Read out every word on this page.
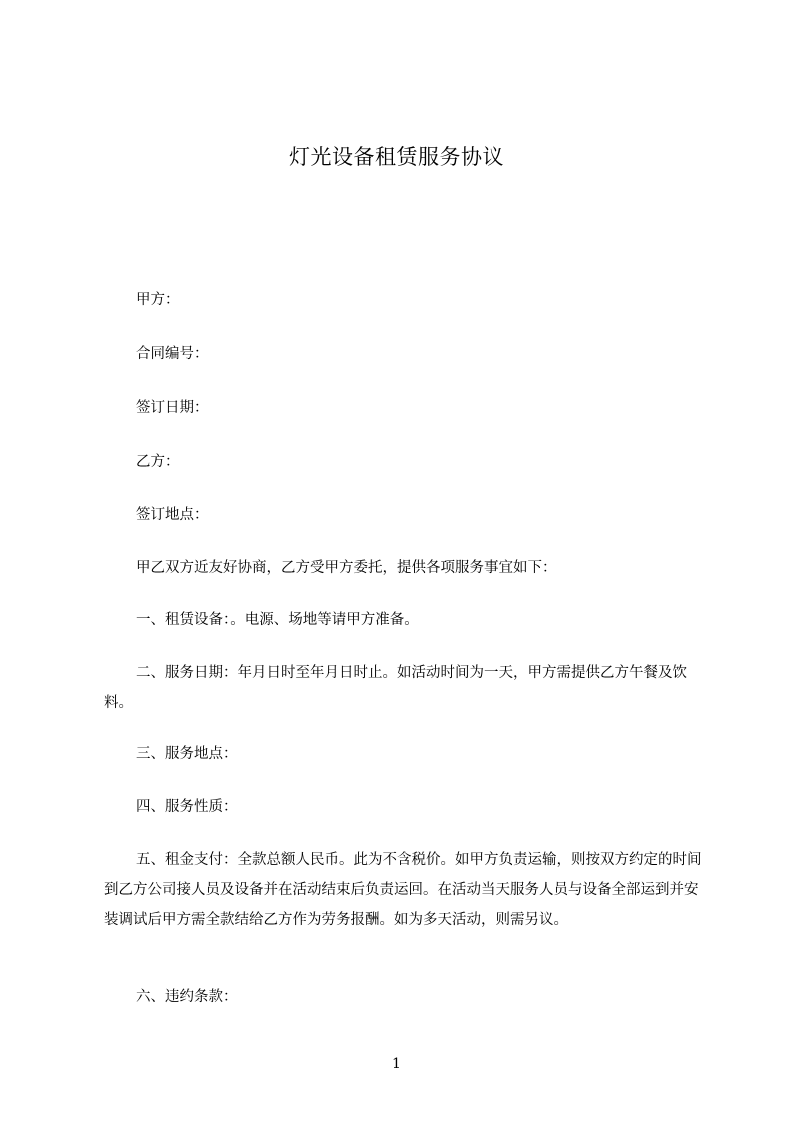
灯光设备租赁服务协议

甲方：

合同编号：

签订日期：

乙方：

签订地点：

甲乙双方近友好协商，乙方受甲方委托，提供各项服务事宜如下：

一、租赁设备：。电源、场地等请甲方准备。

二、服务日期：年月日时至年月日时止。如活动时间为一天，甲方需提供乙方午餐及饮料。

三、服务地点：

四、服务性质：

五、租金支付：全款总额人民币。此为不含税价。如甲方负责运输，则按双方约定的时间到乙方公司接人员及设备并在活动结束后负责运回。在活动当天服务人员与设备全部运到并安装调试后甲方需全款结给乙方作为劳务报酬。如为多天活动，则需另议。

六、违约条款：

1
